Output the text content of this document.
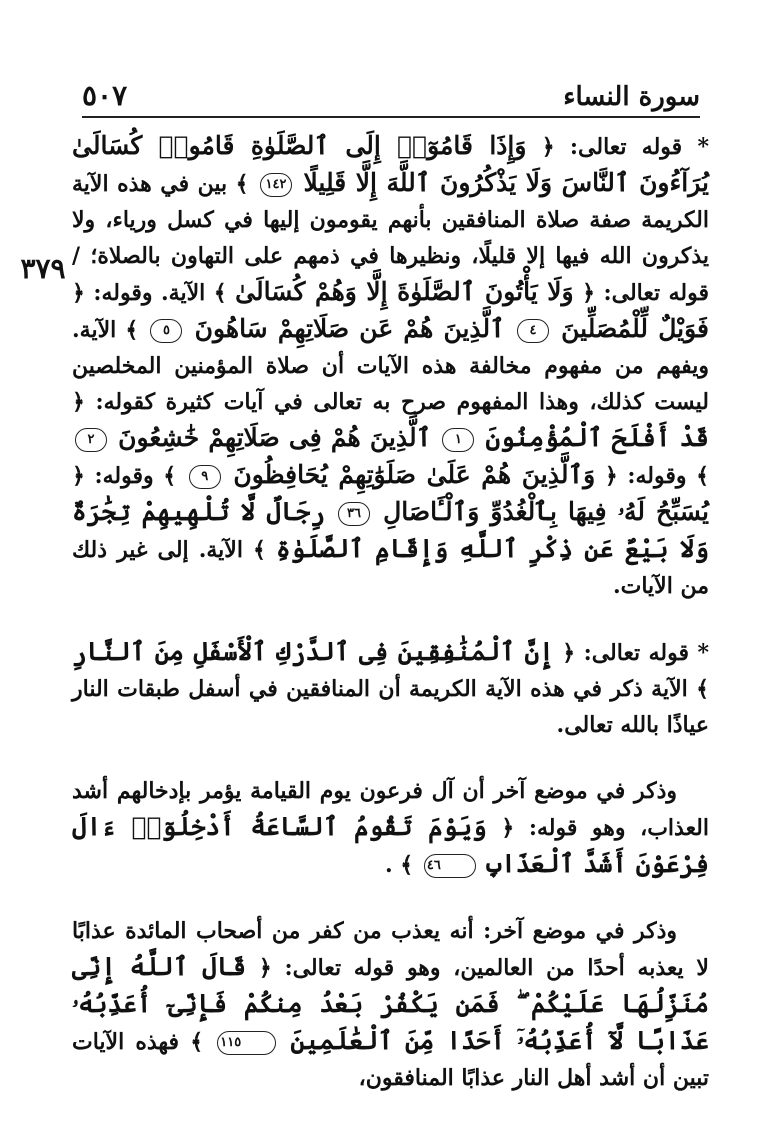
سورة النساء
٥٠٧
٣٧٩

* قوله تعالى: ﴿ وَإِذَا قَامُوٓا۟ إِلَى ٱلصَّلَوٰةِ قَامُوا۟ كُسَالَىٰ يُرَآءُونَ ٱلنَّاسَ وَلَا يَذْكُرُونَ ٱللَّهَ إِلَّا قَلِيلًا ١٤٢ ﴾ بين في هذه الآية الكريمة صفة صلاة المنافقين بأنهم يقومون إليها في كسل ورياء، ولا يذكرون الله فيها إلا قليلًا، ونظيرها في ذمهم على التهاون بالصلاة؛ / قوله تعالى: ﴿ وَلَا يَأْتُونَ ٱلصَّلَوٰةَ إِلَّا وَهُمْ كُسَالَىٰ ﴾ الآية. وقوله: ﴿ فَوَيْلٌ لِّلْمُصَلِّينَ ٤ ٱلَّذِينَ هُمْ عَن صَلَاتِهِمْ سَاهُونَ ٥ ﴾ الآية. ويفهم من مفهوم مخالفة هذه الآيات أن صلاة المؤمنين المخلصين ليست كذلك، وهذا المفهوم صرح به تعالى في آيات كثيرة كقوله: ﴿ قَدْ أَفْلَحَ ٱلْمُؤْمِنُونَ ١ ٱلَّذِينَ هُمْ فِى صَلَاتِهِمْ خَٰشِعُونَ ٢ ﴾ وقوله: ﴿ وَٱلَّذِينَ هُمْ عَلَىٰ صَلَوَٰتِهِمْ يُحَافِظُونَ ٩ ﴾ وقوله: ﴿ يُسَبِّحُ لَهُۥ فِيهَا بِٱلْغُدُوِّ وَٱلْـَٔاصَالِ ٣٦ رِجَالٌ لَّا تُلْهِيهِمْ تِجَٰرَةٌ وَلَا بَيْعٌ عَن ذِكْرِ ٱللَّهِ وَإِقَامِ ٱلصَّلَوٰةِ ﴾ الآية. إلى غير ذلك من الآيات.

* قوله تعالى: ﴿ إِنَّ ٱلْمُنَٰفِقِينَ فِى ٱلدَّرْكِ ٱلْأَسْفَلِ مِنَ ٱلنَّارِ ﴾ الآية ذكر في هذه الآية الكريمة أن المنافقين في أسفل طبقات النار عياذًا بالله تعالى.

وذكر في موضع آخر أن آل فرعون يوم القيامة يؤمر بإدخالهم أشد العذاب، وهو قوله: ﴿ وَيَوْمَ تَقُومُ ٱلسَّاعَةُ أَدْخِلُوٓا۟ ءَالَ فِرْعَوْنَ أَشَدَّ ٱلْعَذَابِ ٤٦ ﴾ .

وذكر في موضع آخر: أنه يعذب من كفر من أصحاب المائدة عذابًا لا يعذبه أحدًا من العالمين، وهو قوله تعالى: ﴿ قَالَ ٱللَّهُ إِنِّى مُنَزِّلُهَا عَلَيْكُمْ ۖ فَمَن يَكْفُرْ بَعْدُ مِنكُمْ فَإِنِّىٓ أُعَذِّبُهُۥ عَذَابًا لَّآ أُعَذِّبُهُۥٓ أَحَدًا مِّنَ ٱلْعَٰلَمِينَ ١١٥ ﴾ فهذه الآيات تبين أن أشد أهل النار عذابًا المنافقون،
